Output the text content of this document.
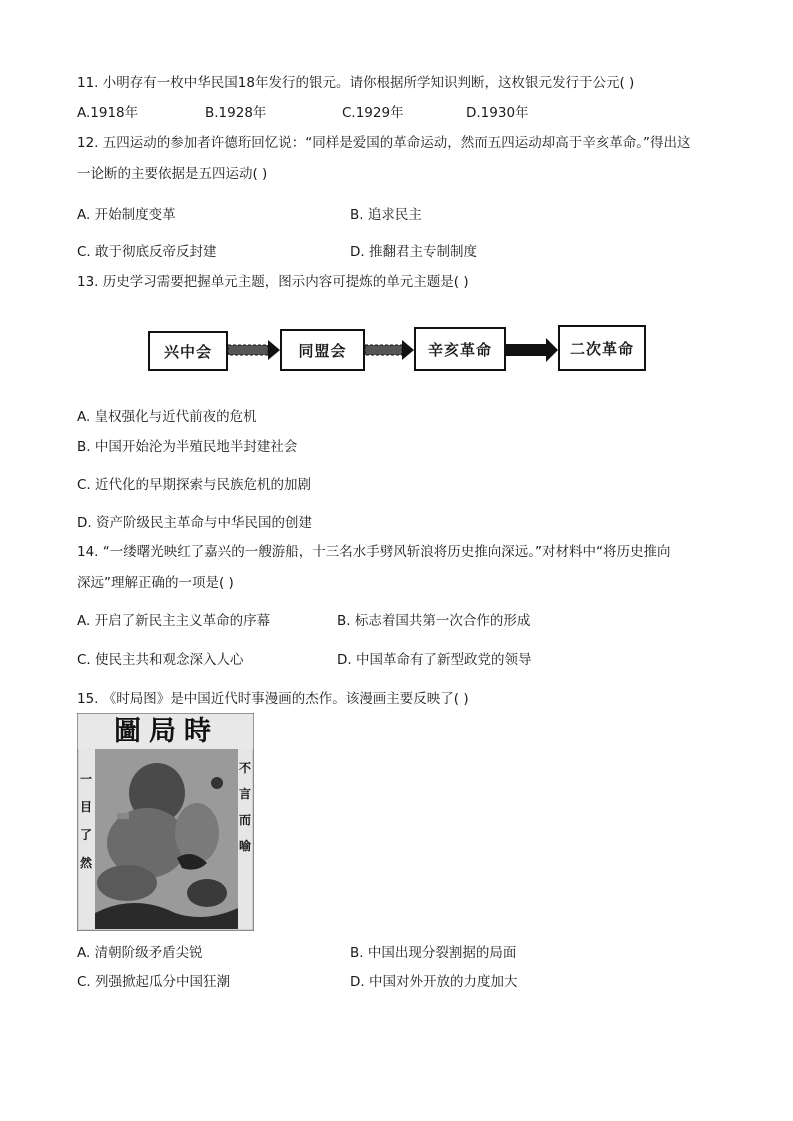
11. 小明存有一枚中华民国18年发行的银元。请你根据所学知识判断，这枚银元发行于公元( )
A.1918年	B.1928年	C.1929年	D.1930年
12. 五四运动的参加者许德珩回忆说：“同样是爱国的革命运动，然而五四运动却高于辛亥革命。”得出这
一论断的主要依据是五四运动( )
A. 开始制度变革	B. 追求民主
C. 敢于彻底反帝反封建	D. 推翻君主专制制度
13. 历史学习需要把握单元主题，图示内容可提炼的单元主题是( )
兴中会	同盟会	辛亥革命	二次革命
A. 皇权强化与近代前夜的危机
B. 中国开始沦为半殖民地半封建社会
C. 近代化的早期探索与民族危机的加剧
D. 资产阶级民主革命与中华民国的创建
14. “一缕曙光映红了嘉兴的一艘游船，十三名水手劈风斩浪将历史推向深远。”对材料中“将历史推向
深远”理解正确的一项是( )
A. 开启了新民主主义革命的序幕	B. 标志着国共第一次合作的形成
C. 使民主共和观念深入人心	D. 中国革命有了新型政党的领导
15. 《时局图》是中国近代时事漫画的杰作。该漫画主要反映了( )
圖局時
不言而喻
一目了然
A. 清朝阶级矛盾尖锐	B. 中国出现分裂割据的局面
C. 列强掀起瓜分中国狂潮	D. 中国对外开放的力度加大
